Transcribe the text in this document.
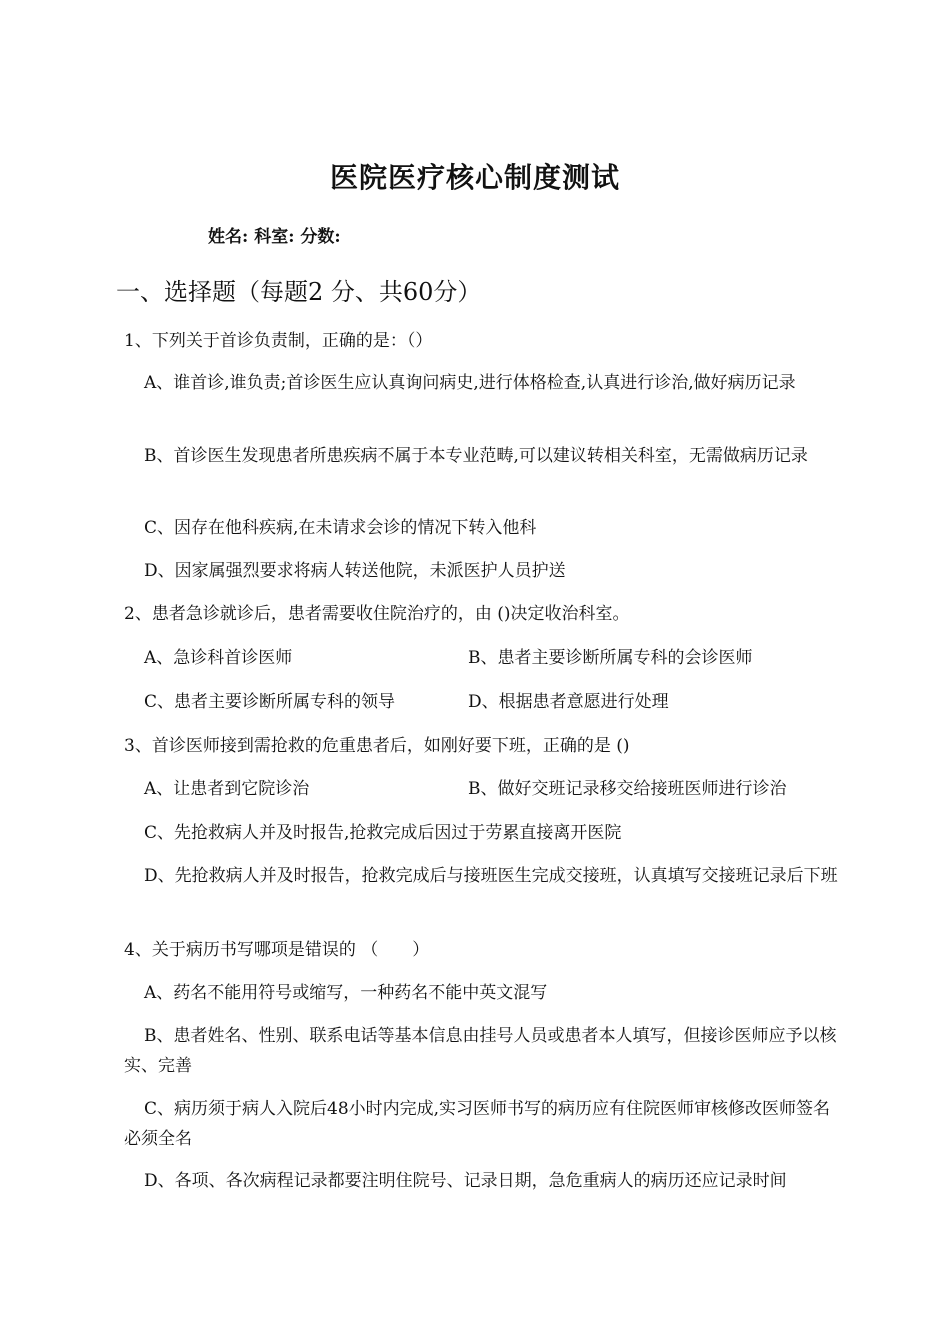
医院医疗核心制度测试
姓名: 科室: 分数:
一、选择题（每题2 分、共60分）
1、下列关于首诊负责制，正确的是：（）
A、谁首诊,谁负责;首诊医生应认真询问病史,进行体格检查,认真进行诊治,做好病历记录
B、首诊医生发现患者所患疾病不属于本专业范畴,可以建议转相关科室，无需做病历记录
C、因存在他科疾病,在未请求会诊的情况下转入他科
D、因家属强烈要求将病人转送他院，未派医护人员护送
2、患者急诊就诊后，患者需要收住院治疗的，由 ()决定收治科室。
A、急诊科首诊医师	B、患者主要诊断所属专科的会诊医师
C、患者主要诊断所属专科的领导	D、根据患者意愿进行处理
3、首诊医师接到需抢救的危重患者后，如刚好要下班，正确的是 ()
A、让患者到它院诊治	B、做好交班记录移交给接班医师进行诊治
C、先抢救病人并及时报告,抢救完成后因过于劳累直接离开医院
D、先抢救病人并及时报告，抢救完成后与接班医生完成交接班，认真填写交接班记录后下班
4、关于病历书写哪项是错误的 （　　）
A、药名不能用符号或缩写，一种药名不能中英文混写
B、患者姓名、性别、联系电话等基本信息由挂号人员或患者本人填写，但接诊医师应予以核实、完善
C、病历须于病人入院后48小时内完成,实习医师书写的病历应有住院医师审核修改医师签名必须全名
D、各项、各次病程记录都要注明住院号、记录日期，急危重病人的病历还应记录时间
